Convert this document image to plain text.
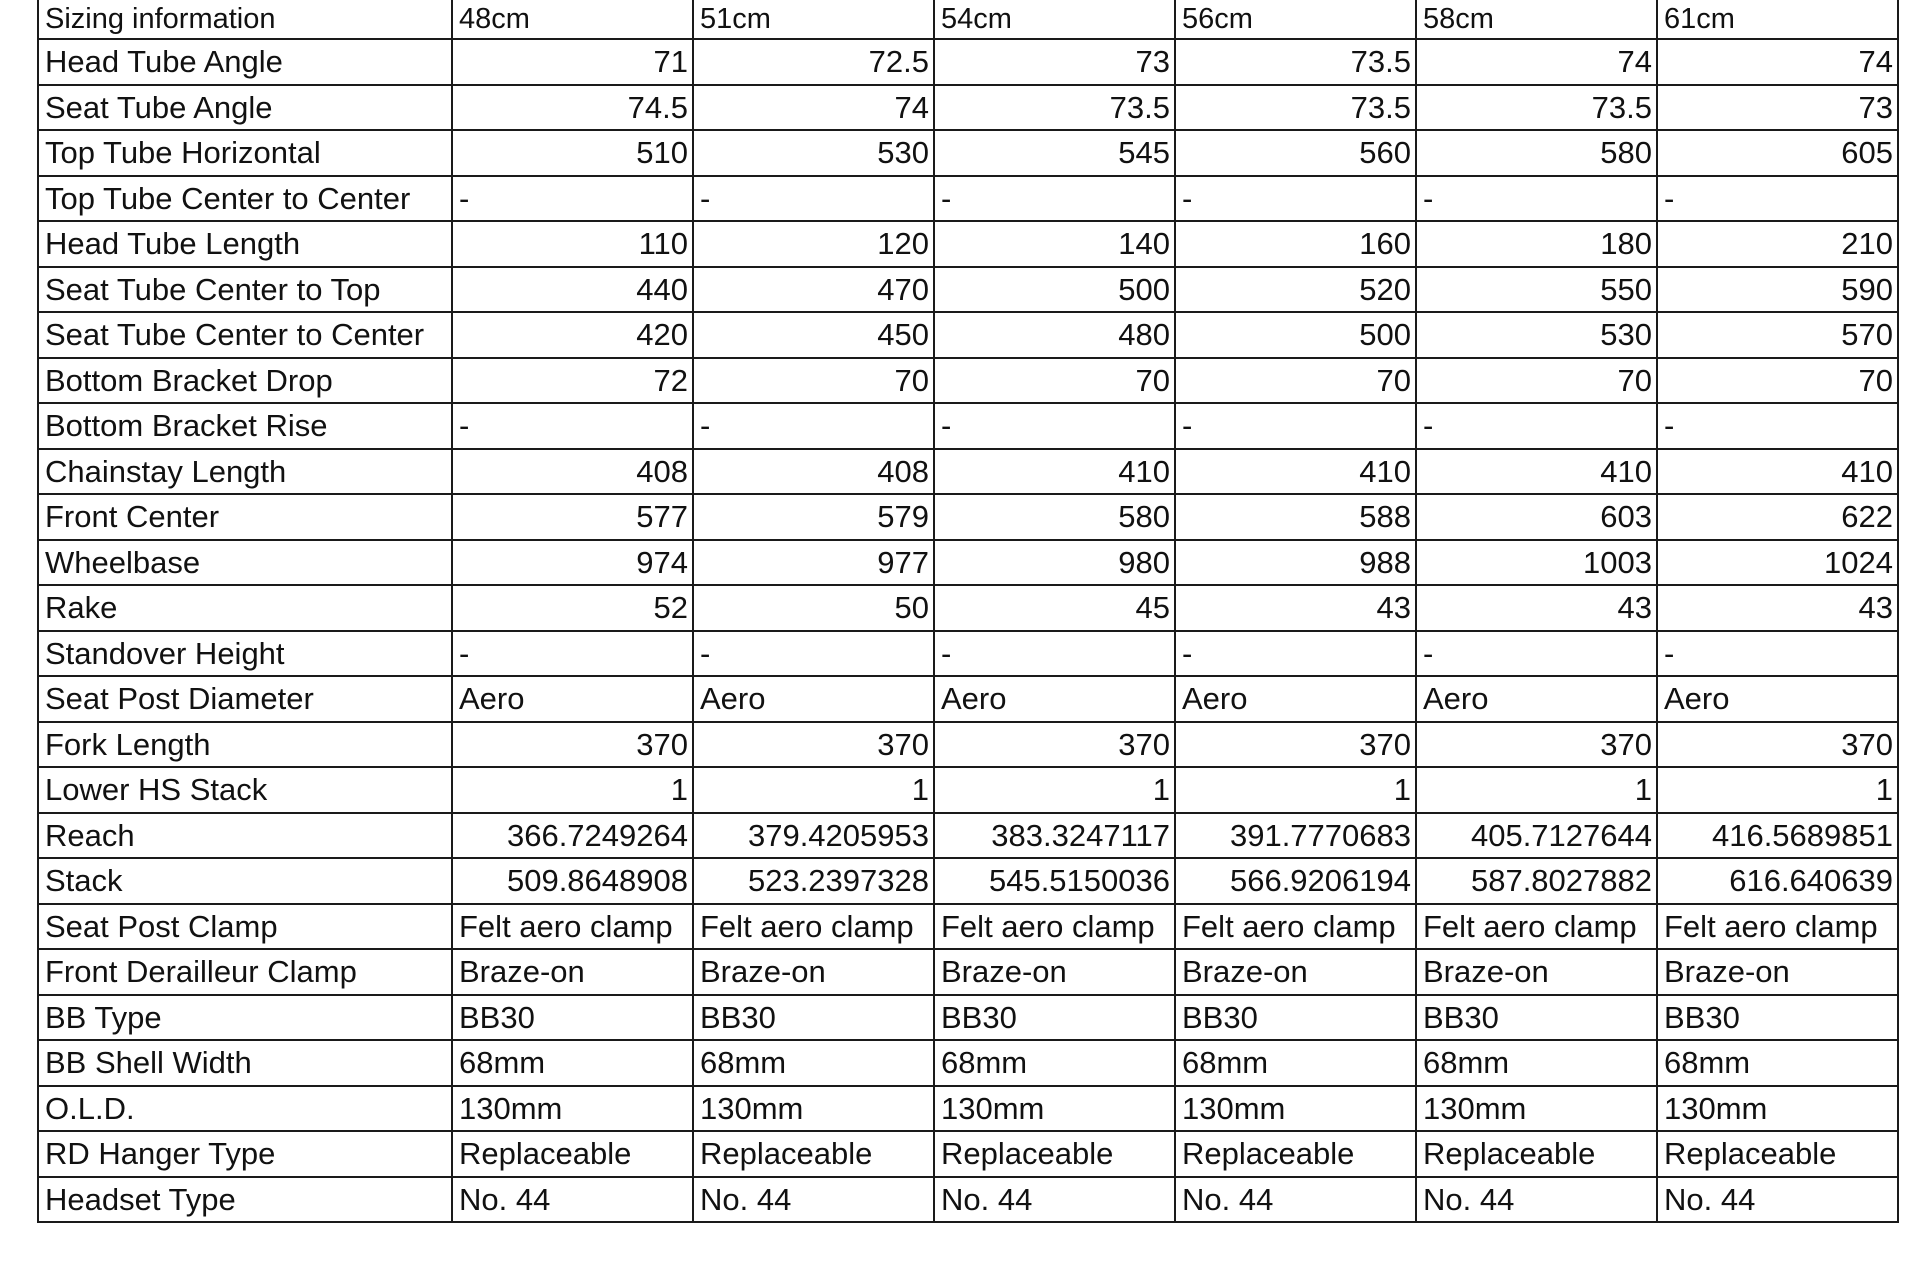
Sizing information	48cm	51cm	54cm	56cm	58cm	61cm
Head Tube Angle	71	72.5	73	73.5	74	74
Seat Tube Angle	74.5	74	73.5	73.5	73.5	73
Top Tube Horizontal	510	530	545	560	580	605
Top Tube Center to Center	-	-	-	-	-	-
Head Tube Length	110	120	140	160	180	210
Seat Tube Center to Top	440	470	500	520	550	590
Seat Tube Center to Center	420	450	480	500	530	570
Bottom Bracket Drop	72	70	70	70	70	70
Bottom Bracket Rise	-	-	-	-	-	-
Chainstay Length	408	408	410	410	410	410
Front Center	577	579	580	588	603	622
Wheelbase	974	977	980	988	1003	1024
Rake	52	50	45	43	43	43
Standover Height	-	-	-	-	-	-
Seat Post Diameter	Aero	Aero	Aero	Aero	Aero	Aero
Fork Length	370	370	370	370	370	370
Lower HS Stack	1	1	1	1	1	1
Reach	366.7249264	379.4205953	383.3247117	391.7770683	405.7127644	416.5689851
Stack	509.8648908	523.2397328	545.5150036	566.9206194	587.8027882	616.640639
Seat Post Clamp	Felt aero clamp	Felt aero clamp	Felt aero clamp	Felt aero clamp	Felt aero clamp	Felt aero clamp
Front Derailleur Clamp	Braze-on	Braze-on	Braze-on	Braze-on	Braze-on	Braze-on
BB Type	BB30	BB30	BB30	BB30	BB30	BB30
BB Shell Width	68mm	68mm	68mm	68mm	68mm	68mm
O.L.D.	130mm	130mm	130mm	130mm	130mm	130mm
RD Hanger Type	Replaceable	Replaceable	Replaceable	Replaceable	Replaceable	Replaceable
Headset Type	No. 44	No. 44	No. 44	No. 44	No. 44	No. 44
